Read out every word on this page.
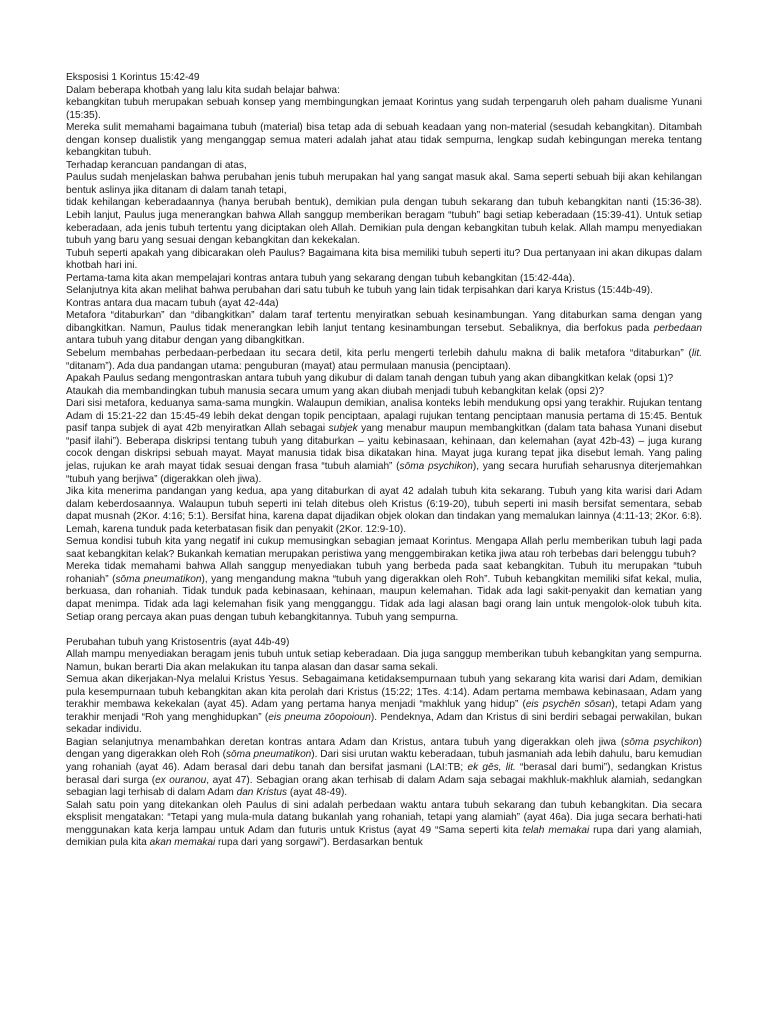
Eksposisi 1 Korintus 15:42-49

Dalam beberapa khotbah yang lalu kita sudah belajar bahwa:

kebangkitan tubuh merupakan sebuah konsep yang membingungkan jemaat Korintus yang sudah terpengaruh oleh paham dualisme Yunani (15:35).

Mereka sulit memahami bagaimana tubuh (material) bisa tetap ada di sebuah keadaan yang non-material (sesudah kebangkitan). Ditambah dengan konsep dualistik yang menganggap semua materi adalah jahat atau tidak sempurna, lengkap sudah kebingungan mereka tentang kebangkitan tubuh.

Terhadap kerancuan pandangan di atas,

Paulus sudah menjelaskan bahwa perubahan jenis tubuh merupakan hal yang sangat masuk akal. Sama seperti sebuah biji akan kehilangan bentuk aslinya jika ditanam di dalam tanah tetapi,

tidak kehilangan keberadaannya (hanya berubah bentuk), demikian pula dengan tubuh sekarang dan tubuh kebangkitan nanti (15:36-38). Lebih lanjut, Paulus juga menerangkan bahwa Allah sanggup memberikan beragam “tubuh” bagi setiap keberadaan (15:39-41). Untuk setiap keberadaan, ada jenis tubuh tertentu yang diciptakan oleh Allah. Demikian pula dengan kebangkitan tubuh kelak. Allah mampu menyediakan tubuh yang baru yang sesuai dengan kebangkitan dan kekekalan.

Tubuh seperti apakah yang dibicarakan oleh Paulus? Bagaimana kita bisa memiliki tubuh seperti itu? Dua pertanyaan ini akan dikupas dalam khotbah hari ini.

Pertama-tama kita akan mempelajari kontras antara tubuh yang sekarang dengan tubuh kebangkitan (15:42-44a).

Selanjutnya kita akan melihat bahwa perubahan dari satu tubuh ke tubuh yang lain tidak terpisahkan dari karya Kristus (15:44b-49).

Kontras antara dua macam tubuh (ayat 42-44a)

Metafora “ditaburkan” dan “dibangkitkan” dalam taraf tertentu menyiratkan sebuah kesinambungan. Yang ditaburkan sama dengan yang dibangkitkan. Namun, Paulus tidak menerangkan lebih lanjut tentang kesinambungan tersebut. Sebaliknya, dia berfokus pada perbedaan antara tubuh yang ditabur dengan yang dibangkitkan.

Sebelum membahas perbedaan-perbedaan itu secara detil, kita perlu mengerti terlebih dahulu makna di balik metafora “ditaburkan” (lit. “ditanam”). Ada dua pandangan utama: penguburan (mayat) atau permulaan manusia (penciptaan).

Apakah Paulus sedang mengontraskan antara tubuh yang dikubur di dalam tanah dengan tubuh yang akan dibangkitkan kelak (opsi 1)?

Ataukah dia membandingkan tubuh manusia secara umum yang akan diubah menjadi tubuh kebangkitan kelak (opsi 2)?

Dari sisi metafora, keduanya sama-sama mungkin. Walaupun demikian, analisa konteks lebih mendukung opsi yang terakhir. Rujukan tentang Adam di 15:21-22 dan 15:45-49 lebih dekat dengan topik penciptaan, apalagi rujukan tentang penciptaan manusia pertama di 15:45. Bentuk pasif tanpa subjek di ayat 42b menyiratkan Allah sebagai subjek yang menabur maupun membangkitkan (dalam tata bahasa Yunani disebut “pasif ilahi”). Beberapa diskripsi tentang tubuh yang ditaburkan – yaitu kebinasaan, kehinaan, dan kelemahan (ayat 42b-43) – juga kurang cocok dengan diskripsi sebuah mayat. Mayat manusia tidak bisa dikatakan hina. Mayat juga kurang tepat jika disebut lemah. Yang paling jelas, rujukan ke arah mayat tidak sesuai dengan frasa “tubuh alamiah” (sōma psychikon), yang secara hurufiah seharusnya diterjemahkan “tubuh yang berjiwa” (digerakkan oleh jiwa).

Jika kita menerima pandangan yang kedua, apa yang ditaburkan di ayat 42 adalah tubuh kita sekarang. Tubuh yang kita warisi dari Adam dalam keberdosaannya. Walaupun tubuh seperti ini telah ditebus oleh Kristus (6:19-20), tubuh seperti ini masih bersifat sementara, sebab dapat musnah (2Kor. 4:16; 5:1). Bersifat hina, karena dapat dijadikan objek olokan dan tindakan yang memalukan lainnya (4:11-13; 2Kor. 6:8). Lemah, karena tunduk pada keterbatasan fisik dan penyakit (2Kor. 12:9-10).

Semua kondisi tubuh kita yang negatif ini cukup memusingkan sebagian jemaat Korintus. Mengapa Allah perlu memberikan tubuh lagi pada saat kebangkitan kelak? Bukankah kematian merupakan peristiwa yang menggembirakan ketika jiwa atau roh terbebas dari belenggu tubuh?

Mereka tidak memahami bahwa Allah sanggup menyediakan tubuh yang berbeda pada saat kebangkitan. Tubuh itu merupakan “tubuh rohaniah” (sōma pneumatikon), yang mengandung makna “tubuh yang digerakkan oleh Roh”. Tubuh kebangkitan memiliki sifat kekal, mulia, berkuasa, dan rohaniah. Tidak tunduk pada kebinasaan, kehinaan, maupun kelemahan. Tidak ada lagi sakit-penyakit dan kematian yang dapat menimpa. Tidak ada lagi kelemahan fisik yang mengganggu. Tidak ada lagi alasan bagi orang lain untuk mengolok-olok tubuh kita. Setiap orang percaya akan puas dengan tubuh kebangkitannya. Tubuh yang sempurna.

Perubahan tubuh yang Kristosentris (ayat 44b-49)

Allah mampu menyediakan beragam jenis tubuh untuk setiap keberadaan. Dia juga sanggup memberikan tubuh kebangkitan yang sempurna. Namun, bukan berarti Dia akan melakukan itu tanpa alasan dan dasar sama sekali.

Semua akan dikerjakan-Nya melalui Kristus Yesus. Sebagaimana ketidaksempurnaan tubuh yang sekarang kita warisi dari Adam, demikian pula kesempurnaan tubuh kebangkitan akan kita perolah dari Kristus (15:22; 1Tes. 4:14). Adam pertama membawa kebinasaan, Adam yang terakhir membawa kekekalan (ayat 45). Adam yang pertama hanya menjadi “makhluk yang hidup” (eis psychēn sōsan), tetapi Adam yang terakhir menjadi “Roh yang menghidupkan” (eis pneuma zōopoioun). Pendeknya, Adam dan Kristus di sini berdiri sebagai perwakilan, bukan sekadar individu.

Bagian selanjutnya menambahkan deretan kontras antara Adam dan Kristus, antara tubuh yang digerakkan oleh jiwa (sōma psychikon) dengan yang digerakkan oleh Roh (sōma pneumatikon). Dari sisi urutan waktu keberadaan, tubuh jasmaniah ada lebih dahulu, baru kemudian yang rohaniah (ayat 46). Adam berasal dari debu tanah dan bersifat jasmani (LAI:TB; ek gēs, lit. “berasal dari bumi”), sedangkan Kristus berasal dari surga (ex ouranou, ayat 47). Sebagian orang akan terhisab di dalam Adam saja sebagai makhluk-makhluk alamiah, sedangkan sebagian lagi terhisab di dalam Adam dan Kristus (ayat 48-49).

Salah satu poin yang ditekankan oleh Paulus di sini adalah perbedaan waktu antara tubuh sekarang dan tubuh kebangkitan. Dia secara eksplisit mengatakan: “Tetapi yang mula-mula datang bukanlah yang rohaniah, tetapi yang alamiah” (ayat 46a). Dia juga secara berhati-hati menggunakan kata kerja lampau untuk Adam dan futuris untuk Kristus (ayat 49 “Sama seperti kita telah memakai rupa dari yang alamiah, demikian pula kita akan memakai rupa dari yang sorgawi”). Berdasarkan bentuk
